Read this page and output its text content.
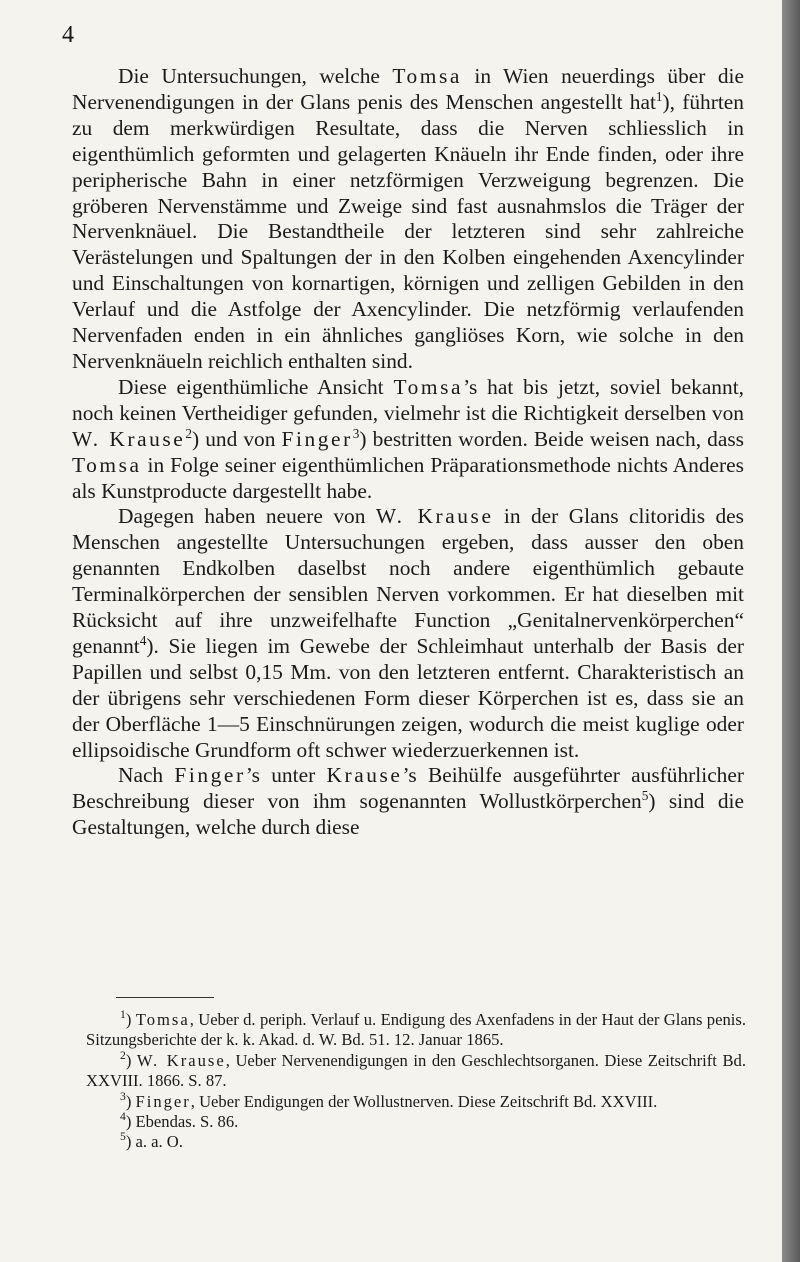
4

Die Untersuchungen, welche Tomsa in Wien neuerdings über die Nervenendigungen in der Glans penis des Menschen angestellt hat$^1$), führten zu dem merkwürdigen Resultate, dass die Nerven schliesslich in eigenthümlich geformten und gelagerten Knäueln ihr Ende finden, oder ihre peripherische Bahn in einer netzförmigen Verzweigung begrenzen. Die gröberen Nervenstämme und Zweige sind fast ausnahmslos die Träger der Nervenknäuel. Die Bestandtheile der letzteren sind sehr zahlreiche Verästelungen und Spaltungen der in den Kolben eingehenden Axencylinder und Einschaltungen von kornartigen, körnigen und zelligen Gebilden in den Verlauf und die Astfolge der Axencylinder. Die netzförmig verlaufenden Nervenfaden enden in ein ähnliches gangliöses Korn, wie solche in den Nervenknäueln reichlich enthalten sind.

Diese eigenthümliche Ansicht Tomsa’s hat bis jetzt, soviel bekannt, noch keinen Vertheidiger gefunden, vielmehr ist die Richtigkeit derselben von W. Krause$^2$) und von Finger$^3$) bestritten worden. Beide weisen nach, dass Tomsa in Folge seiner eigenthümlichen Präparationsmethode nichts Anderes als Kunstproducte dargestellt habe.

Dagegen haben neuere von W. Krause in der Glans clitoridis des Menschen angestellte Untersuchungen ergeben, dass ausser den oben genannten Endkolben daselbst noch andere eigenthümlich gebaute Terminalkörperchen der sensiblen Nerven vorkommen. Er hat dieselben mit Rücksicht auf ihre unzweifelhafte Function „Genitalnervenkörperchen“ genannt$^4$). Sie liegen im Gewebe der Schleimhaut unterhalb der Basis der Papillen und selbst 0,15 Mm. von den letzteren entfernt. Charakteristisch an der übrigens sehr verschiedenen Form dieser Körperchen ist es, dass sie an der Oberfläche 1—5 Einschnürungen zeigen, wodurch die meist kuglige oder ellipsoidische Grundform oft schwer wiederzuerkennen ist.

Nach Finger’s unter Krause’s Beihülfe ausgeführter ausführlicher Beschreibung dieser von ihm sogenannten Wollustkörperchen$^5$) sind die Gestaltungen, welche durch diese

$^1$) Tomsa, Ueber d. periph. Verlauf u. Endigung des Axenfadens in der Haut der Glans penis. Sitzungsberichte der k. k. Akad. d. W. Bd. 51. 12. Januar 1865.

$^2$) W. Krause, Ueber Nervenendigungen in den Geschlechtsorganen. Diese Zeitschrift Bd. XXVIII. 1866. S. 87.

$^3$) Finger, Ueber Endigungen der Wollustnerven. Diese Zeitschrift Bd. XXVIII.

$^4$) Ebendas. S. 86.

$^5$) a. a. O.
